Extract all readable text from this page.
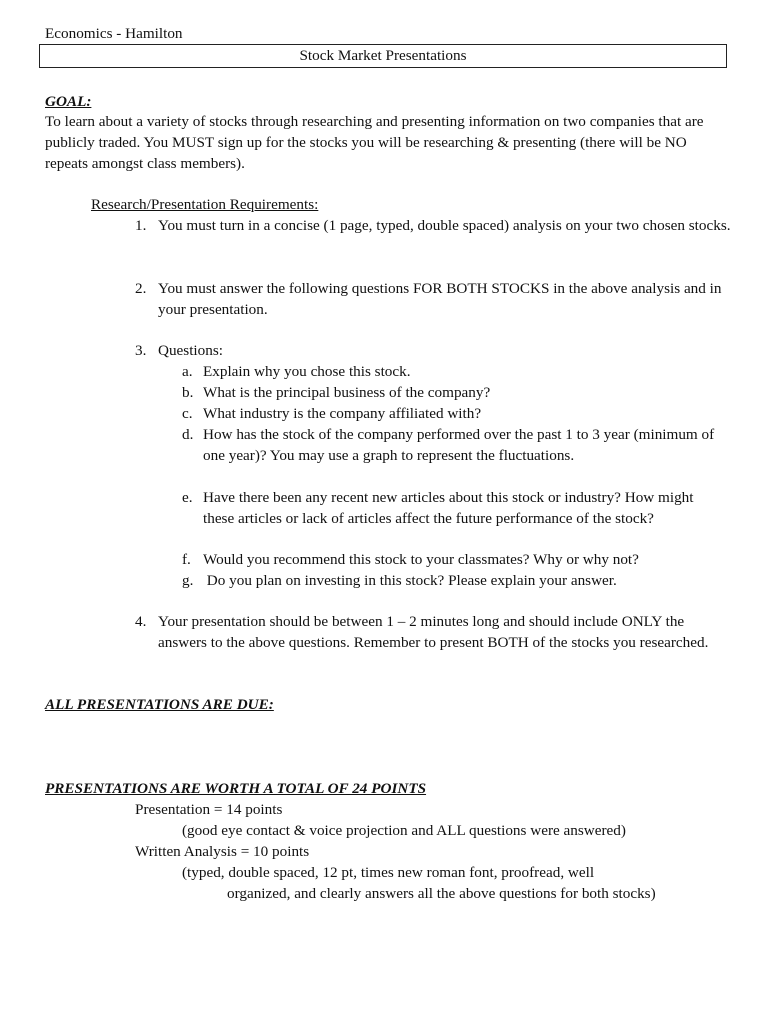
Economics - Hamilton
Stock Market Presentations
GOAL:
To learn about a variety of stocks through researching and presenting information on two companies that are publicly traded. You MUST sign up for the stocks you will be researching & presenting (there will be NO repeats amongst class members).
Research/Presentation Requirements:
1. You must turn in a concise (1 page, typed, double spaced) analysis on your two chosen stocks.
2. You must answer the following questions FOR BOTH STOCKS in the above analysis and in your presentation.
3. Questions:
a. Explain why you chose this stock.
b. What is the principal business of the company?
c. What industry is the company affiliated with?
d. How has the stock of the company performed over the past 1 to 3 year (minimum of one year)? You may use a graph to represent the fluctuations.
e. Have there been any recent new articles about this stock or industry? How might these articles or lack of articles affect the future performance of the stock?
f. Would you recommend this stock to your classmates? Why or why not?
g. Do you plan on investing in this stock? Please explain your answer.
4. Your presentation should be between 1 – 2 minutes long and should include ONLY the answers to the above questions. Remember to present BOTH of the stocks you researched.
ALL PRESENTATIONS ARE DUE:
PRESENTATIONS ARE WORTH A TOTAL OF 24 POINTS
Presentation = 14 points
(good eye contact & voice projection and ALL questions were answered)
Written Analysis = 10 points
(typed, double spaced, 12 pt, times new roman font, proofread, well
organized, and clearly answers all the above questions for both stocks)
